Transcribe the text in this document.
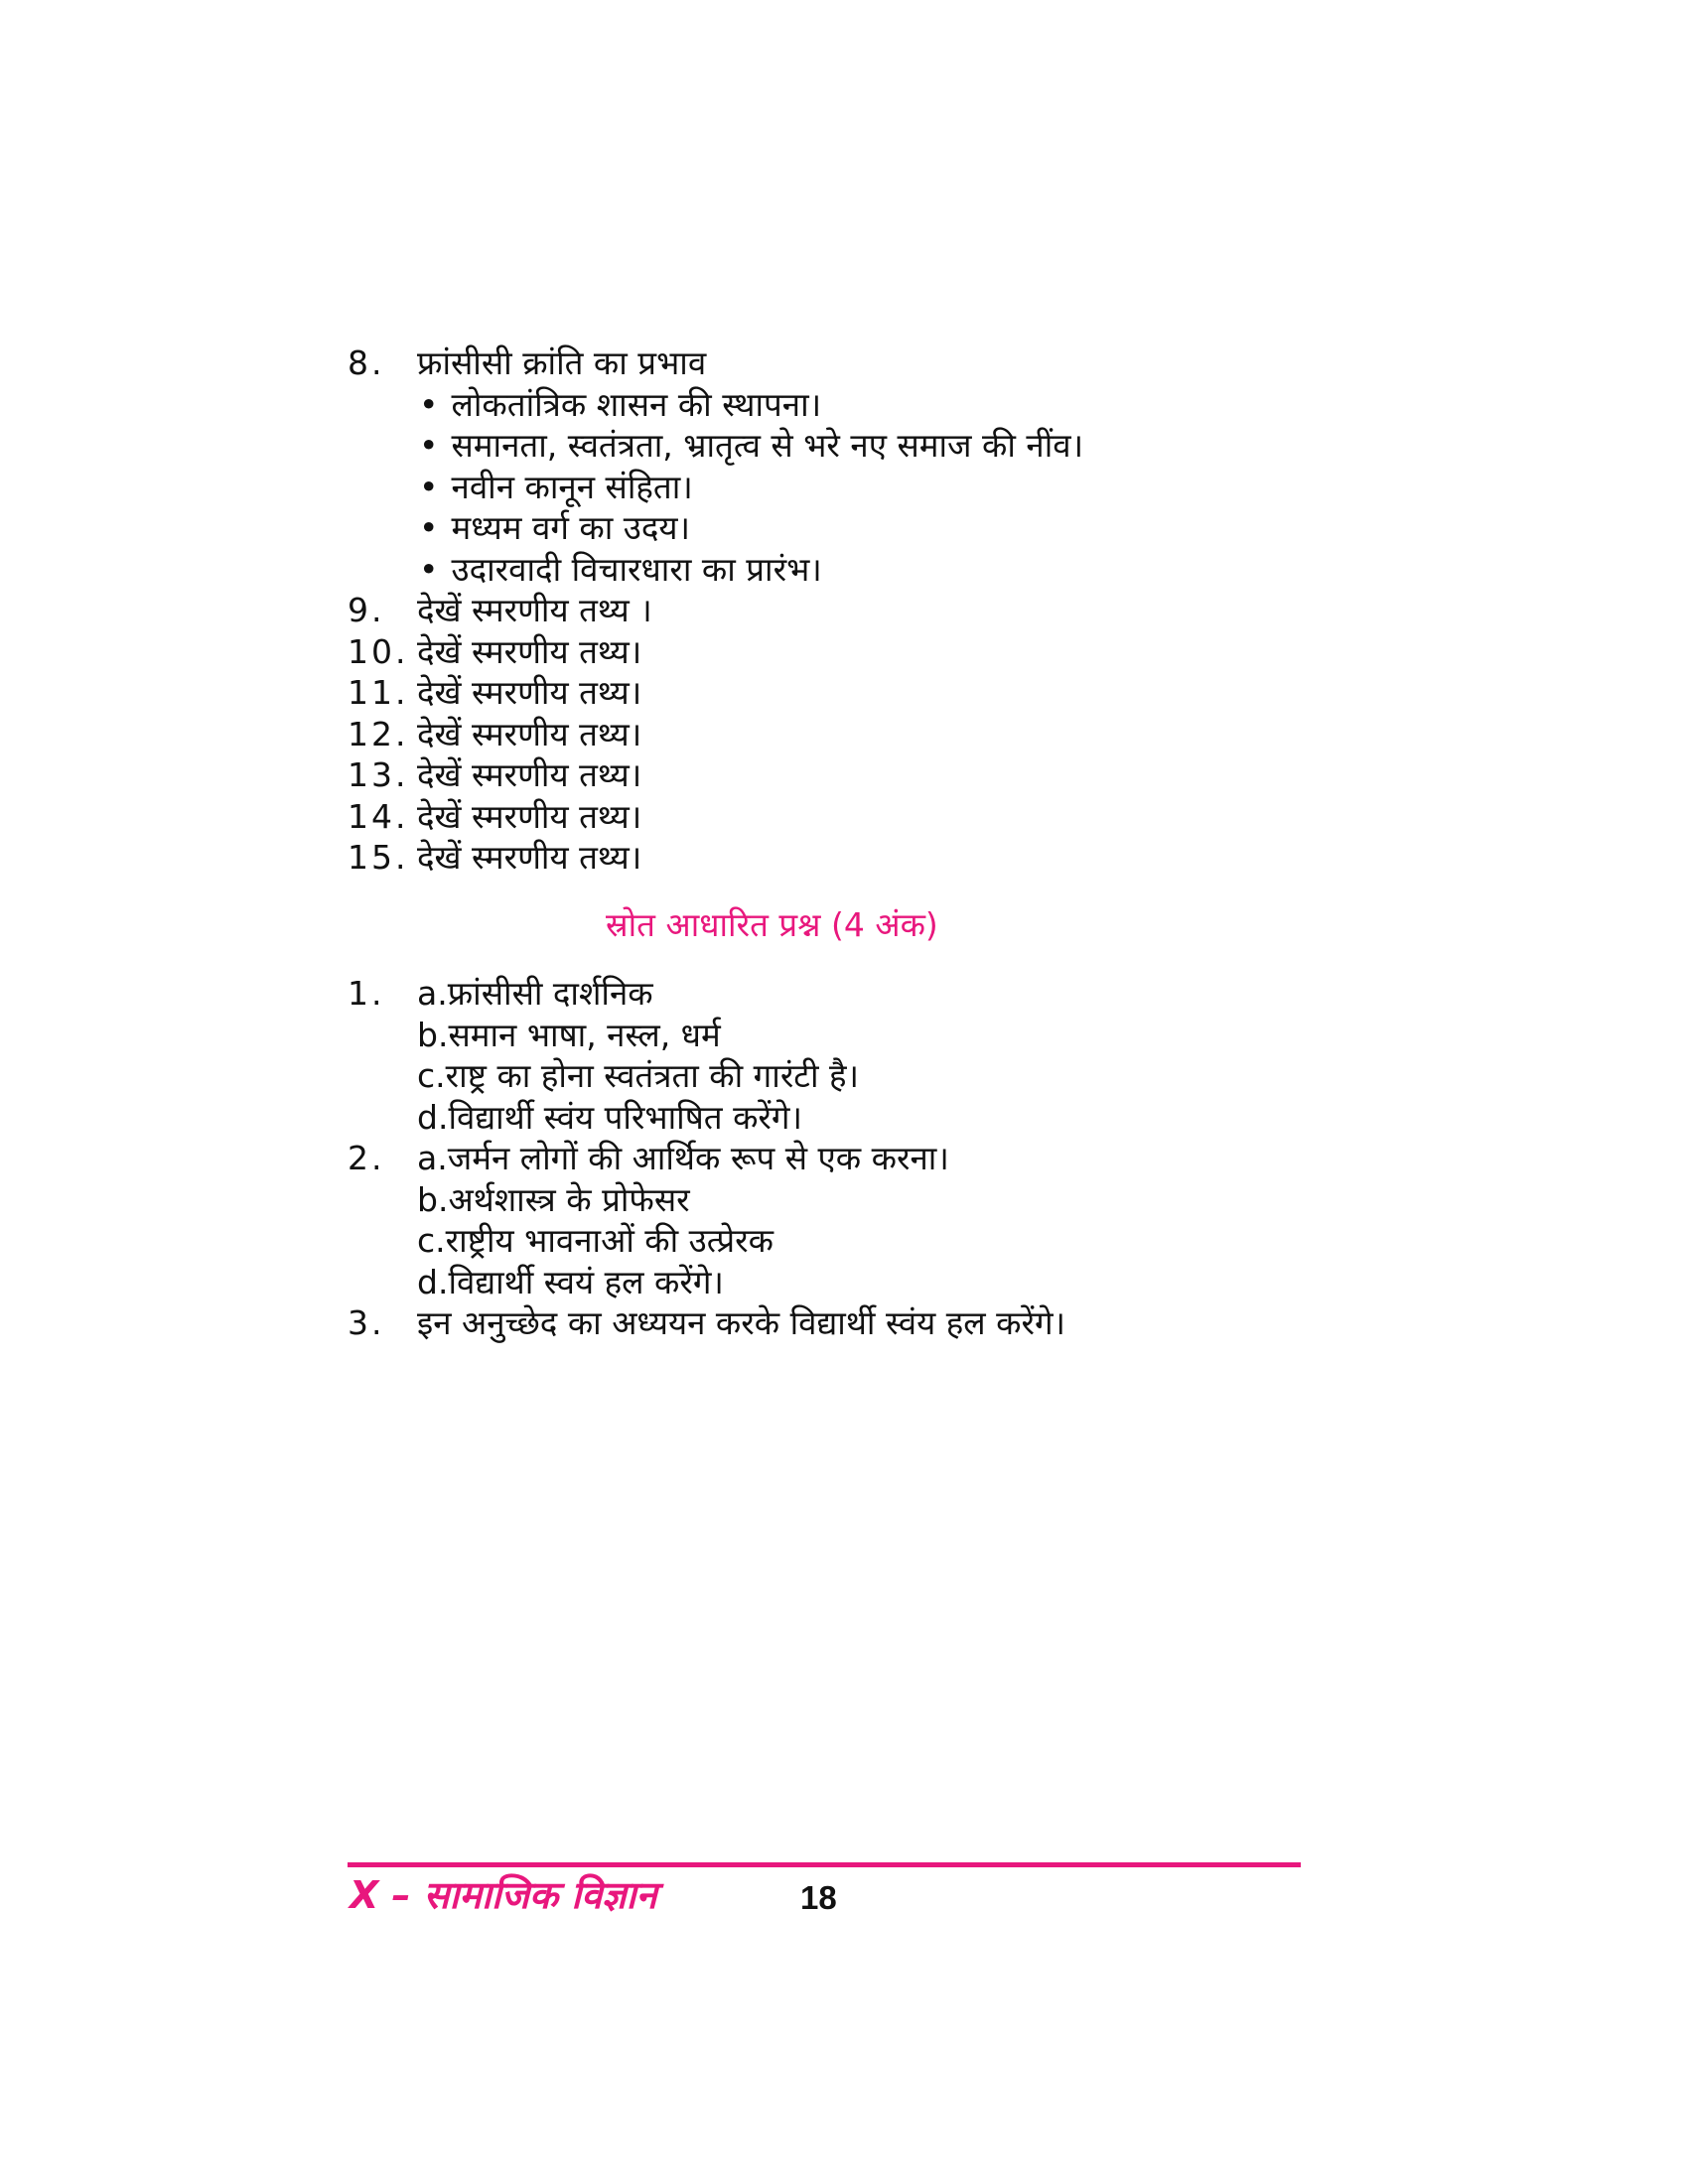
8. फ्रांसीसी क्रांति का प्रभाव
• लोकतांत्रिक शासन की स्थापना।
• समानता, स्वतंत्रता, भ्रातृत्व से भरे नए समाज की नींव।
• नवीन कानून संहिता।
• मध्यम वर्ग का उदय।
• उदारवादी विचारधारा का प्रारंभ।
9. देखें स्मरणीय तथ्य ।
10. देखें स्मरणीय तथ्य।
11. देखें स्मरणीय तथ्य।
12. देखें स्मरणीय तथ्य।
13. देखें स्मरणीय तथ्य।
14. देखें स्मरणीय तथ्य।
15. देखें स्मरणीय तथ्य।
स्रोत आधारित प्रश्न (4 अंक)
1. a.फ्रांसीसी दार्शनिक
b.समान भाषा, नस्ल, धर्म
c.राष्ट्र का होना स्वतंत्रता की गारंटी है।
d.विद्यार्थी स्वंय परिभाषित करेंगे।
2. a.जर्मन लोगों की आर्थिक रूप से एक करना।
b.अर्थशास्त्र के प्रोफेसर
c.राष्ट्रीय भावनाओं की उत्प्रेरक
d.विद्यार्थी स्वयं हल करेंगे।
3. इन अनुच्छेद का अध्ययन करके विद्यार्थी स्वंय हल करेंगे।
X – सामाजिक विज्ञान	18
